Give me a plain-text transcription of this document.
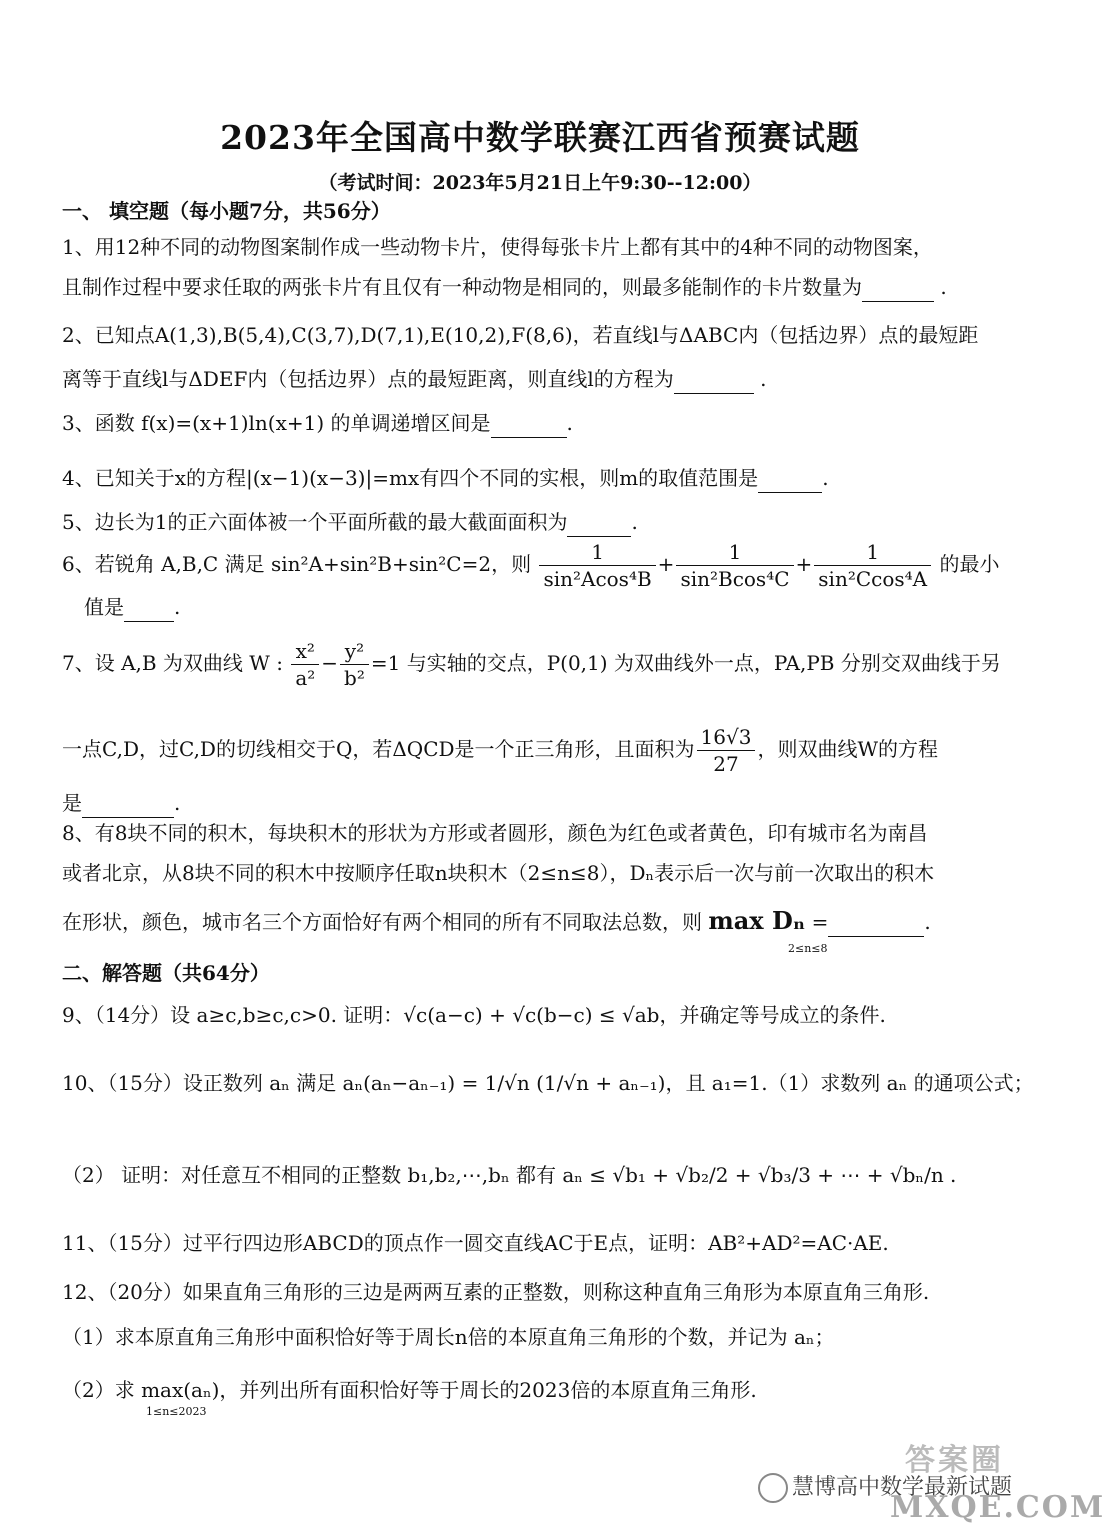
2023年全国高中数学联赛江西省预赛试题
（考试时间：2023年5月21日上午9:30--12:00）
一、 填空题（每小题7分，共56分）
1、用12种不同的动物图案制作成一些动物卡片，使得每张卡片上都有其中的4种不同的动物图案，
且制作过程中要求任取的两张卡片有且仅有一种动物是相同的，则最多能制作的卡片数量为	.
2、已知点A(1,3),B(5,4),C(3,7),D(7,1),E(10,2),F(8,6)，若直线l与ΔABC内（包括边界）点的最短距
离等于直线l与ΔDEF内（包括边界）点的最短距离，则直线l的方程为	.
3、函数 f(x)=(x+1)ln(x+1) 的单调递增区间是	.
4、已知关于x的方程|(x−1)(x−3)|=mx有四个不同的实根，则m的取值范围是	.
5、边长为1的正六面体被一个平面所截的最大截面面积为	.
6、若锐角 A,B,C 满足 sin²A+sin²B+sin²C=2，则 $\frac{1}{\text{sin²Acos⁴B}} + \frac{1}{\text{sin²Bcos⁴C}} + \frac{1}{\text{sin²Ccos⁴A}}$ 的最小
值是	.
7、设 A,B 为双曲线 W : $\frac{\text{x²}}{\text{a²}} - \frac{\text{y²}}{\text{b²}} =1$ 与实轴的交点，P(0,1) 为双曲线外一点，PA,PB 分别交双曲线于另
一点C,D，过C,D的切线相交于Q，若ΔQCD是一个正三角形，且面积为 $\frac{16√3}{27}$ ，则双曲线W的方程
是	.
8、有8块不同的积木，每块积木的形状为方形或者圆形，颜色为红色或者黄色，印有城市名为南昌
或者北京，从8块不同的积木中按顺序任取n块积木（2≤n≤8），Dₙ表示后一次与前一次取出的积木
在形状，颜色，城市名三个方面恰好有两个相同的所有不同取法总数，则 max Dₙ =	.
2≤n≤8
二、解答题（共64分）
9、（14分）设 a≥c,b≥c,c>0. 证明：√c(a−c) + √c(b−c) ≤ √ab，并确定等号成立的条件.
10、（15分）设正数列 aₙ 满足 aₙ(aₙ−aₙ₋₁) = 1/√n (1/√n + aₙ₋₁)，且 a₁=1.（1）求数列 aₙ 的通项公式；
（2） 证明：对任意互不相同的正整数 b₁,b₂,⋯,bₙ 都有 aₙ ≤ √b₁ + √b₂/2 + √b₃/3 + ⋯ + √bₙ/n .
11、（15分）过平行四边形ABCD的顶点作一圆交直线AC于E点，证明：AB²+AD²=AC·AE.
12、（20分）如果直角三角形的三边是两两互素的正整数，则称这种直角三角形为本原直角三角形.
（1）求本原直角三角形中面积恰好等于周长n倍的本原直角三角形的个数，并记为 aₙ；
（2）求 max(aₙ)，并列出所有面积恰好等于周长的2023倍的本原直角三角形.
1≤n≤2023
答案圈
慧博高中数学最新试题
MXQE.COM
